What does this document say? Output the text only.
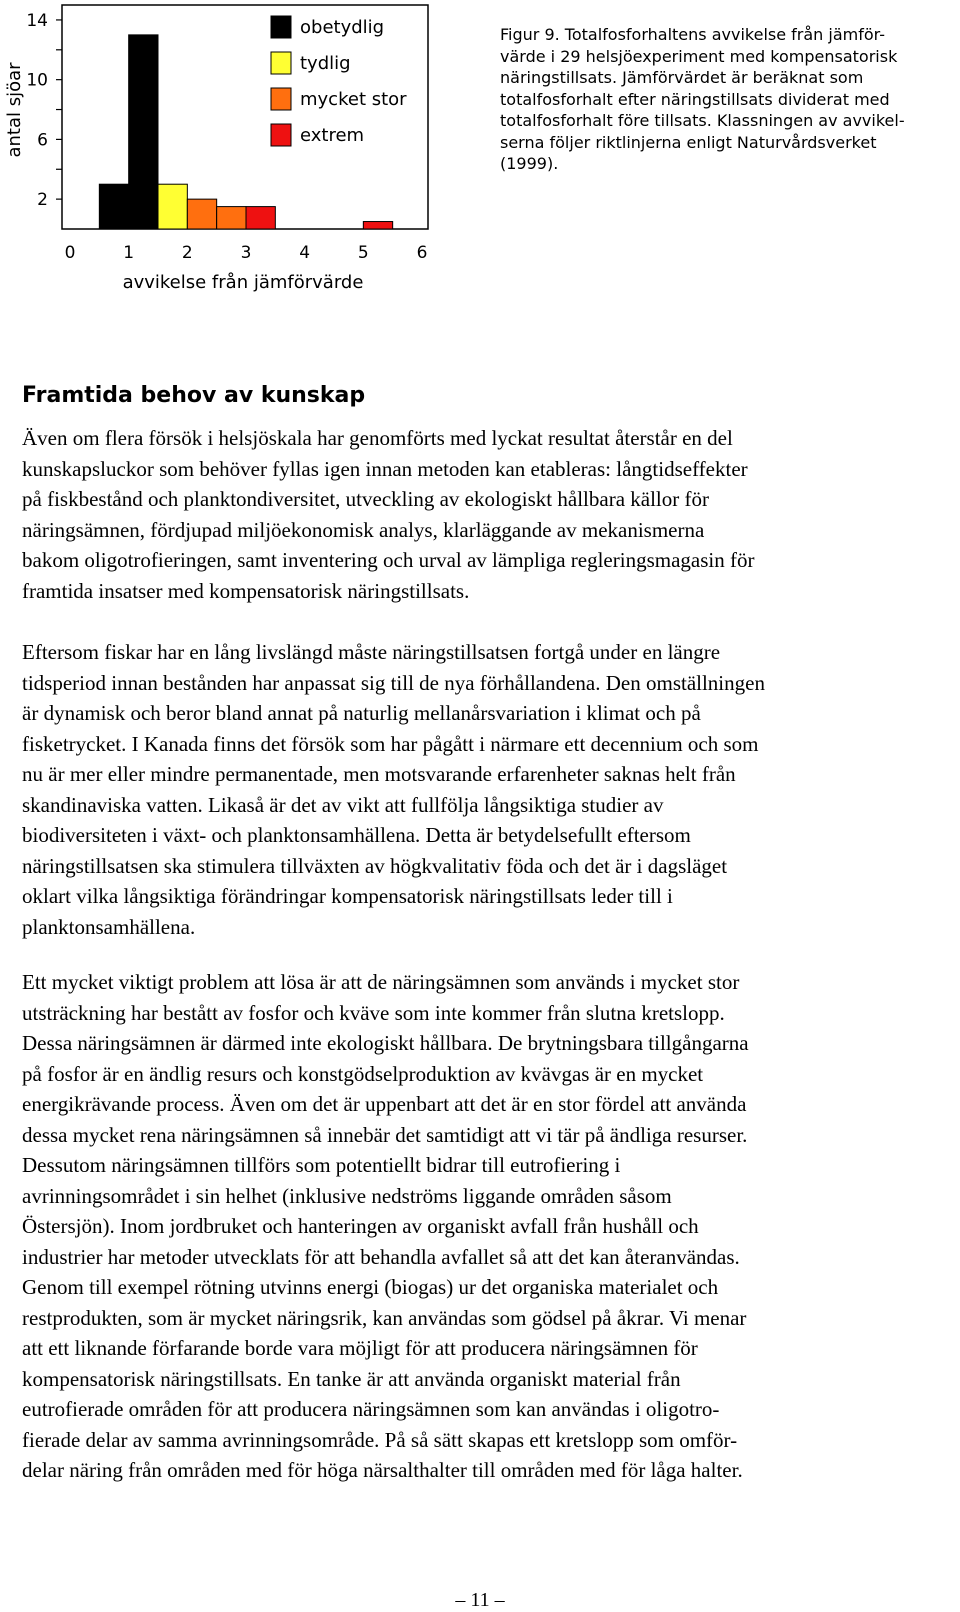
2
6
10
14
0	1	2	3	4	5	6
obetydlig
tydlig
mycket stor
extrem
antal sjöar
avvikelse från jämförvärde
Figur 9. Totalfosforhaltens avvikelse från jämför-
värde i 29 helsjöexperiment med kompensatorisk
näringstillsats. Jämförvärdet är beräknat som
totalfosforhalt efter näringstillsats dividerat med
totalfosforhalt före tillsats. Klassningen av avvikel-
serna följer riktlinjerna enligt Naturvårdsverket
(1999).
Framtida behov av kunskap

Även om flera försök i helsjöskala har genomförts med lyckat resultat återstår en del
kunskapsluckor som behöver fyllas igen innan metoden kan etableras: långtidseffekter
på fiskbestånd och planktondiversitet, utveckling av ekologiskt hållbara källor för
näringsämnen, fördjupad miljöekonomisk analys, klarläggande av mekanismerna
bakom oligotrofieringen, samt inventering och urval av lämpliga regleringsmagasin för
framtida insatser med kompensatorisk näringstillsats.

Eftersom fiskar har en lång livslängd måste näringstillsatsen fortgå under en längre
tidsperiod innan bestånden har anpassat sig till de nya förhållandena. Den omställningen
är dynamisk och beror bland annat på naturlig mellanårsvariation i klimat och på
fisketrycket. I Kanada finns det försök som har pågått i närmare ett decennium och som
nu är mer eller mindre permanentade, men motsvarande erfarenheter saknas helt från
skandinaviska vatten. Likaså är det av vikt att fullfölja långsiktiga studier av
biodiversiteten i växt- och planktonsamhällena. Detta är betydelsefullt eftersom
näringstillsatsen ska stimulera tillväxten av högkvalitativ föda och det är i dagsläget
oklart vilka långsiktiga förändringar kompensatorisk näringstillsats leder till i
planktonsamhällena.

Ett mycket viktigt problem att lösa är att de näringsämnen som används i mycket stor
utsträckning har bestått av fosfor och kväve som inte kommer från slutna kretslopp.
Dessa näringsämnen är därmed inte ekologiskt hållbara. De brytningsbara tillgångarna
på fosfor är en ändlig resurs och konstgödselproduktion av kvävgas är en mycket
energikrävande process. Även om det är uppenbart att det är en stor fördel att använda
dessa mycket rena näringsämnen så innebär det samtidigt att vi tär på ändliga resurser.
Dessutom näringsämnen tillförs som potentiellt bidrar till eutrofiering i
avrinningsområdet i sin helhet (inklusive nedströms liggande områden såsom
Östersjön). Inom jordbruket och hanteringen av organiskt avfall från hushåll och
industrier har metoder utvecklats för att behandla avfallet så att det kan återanvändas.
Genom till exempel rötning utvinns energi (biogas) ur det organiska materialet och
restprodukten, som är mycket näringsrik, kan användas som gödsel på åkrar. Vi menar
att ett liknande förfarande borde vara möjligt för att producera näringsämnen för
kompensatorisk näringstillsats. En tanke är att använda organiskt material från
eutrofierade områden för att producera näringsämnen som kan användas i oligotro-
fierade delar av samma avrinningsområde. På så sätt skapas ett kretslopp som omför-
delar näring från områden med för höga närsalthalter till områden med för låga halter.

– 11 –
